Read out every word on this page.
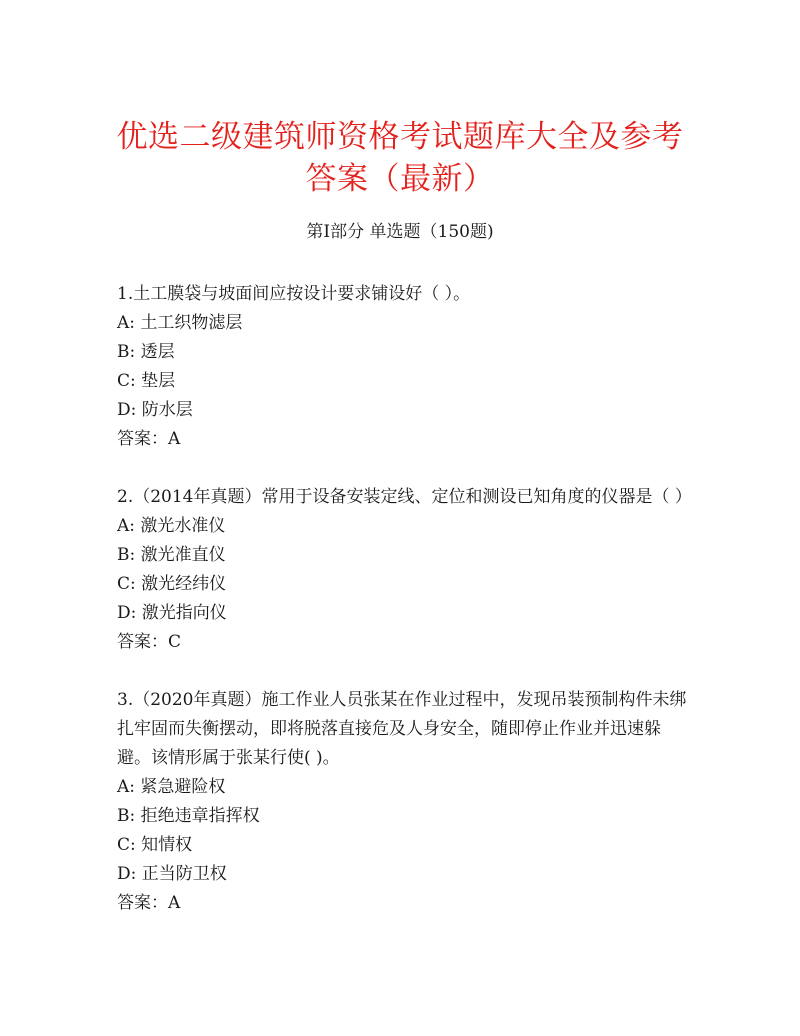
优选二级建筑师资格考试题库大全及参考答案（最新）
第Ⅰ部分 单选题（150题)
1.土工膜袋与坡面间应按设计要求铺设好（ ）。
A: 土工织物滤层
B: 透层
C: 垫层
D: 防水层
答案：A
2.（2014年真题）常用于设备安装定线、定位和测设已知角度的仪器是（ ）
A: 激光水准仪
B: 激光准直仪
C: 激光经纬仪
D: 激光指向仪
答案：C
3.（2020年真题）施工作业人员张某在作业过程中，发现吊装预制构件未绑扎牢固而失衡摆动，即将脱落直接危及人身安全，随即停止作业并迅速躲避。该情形属于张某行使( )。
A: 紧急避险权
B: 拒绝违章指挥权
C: 知情权
D: 正当防卫权
答案：A
